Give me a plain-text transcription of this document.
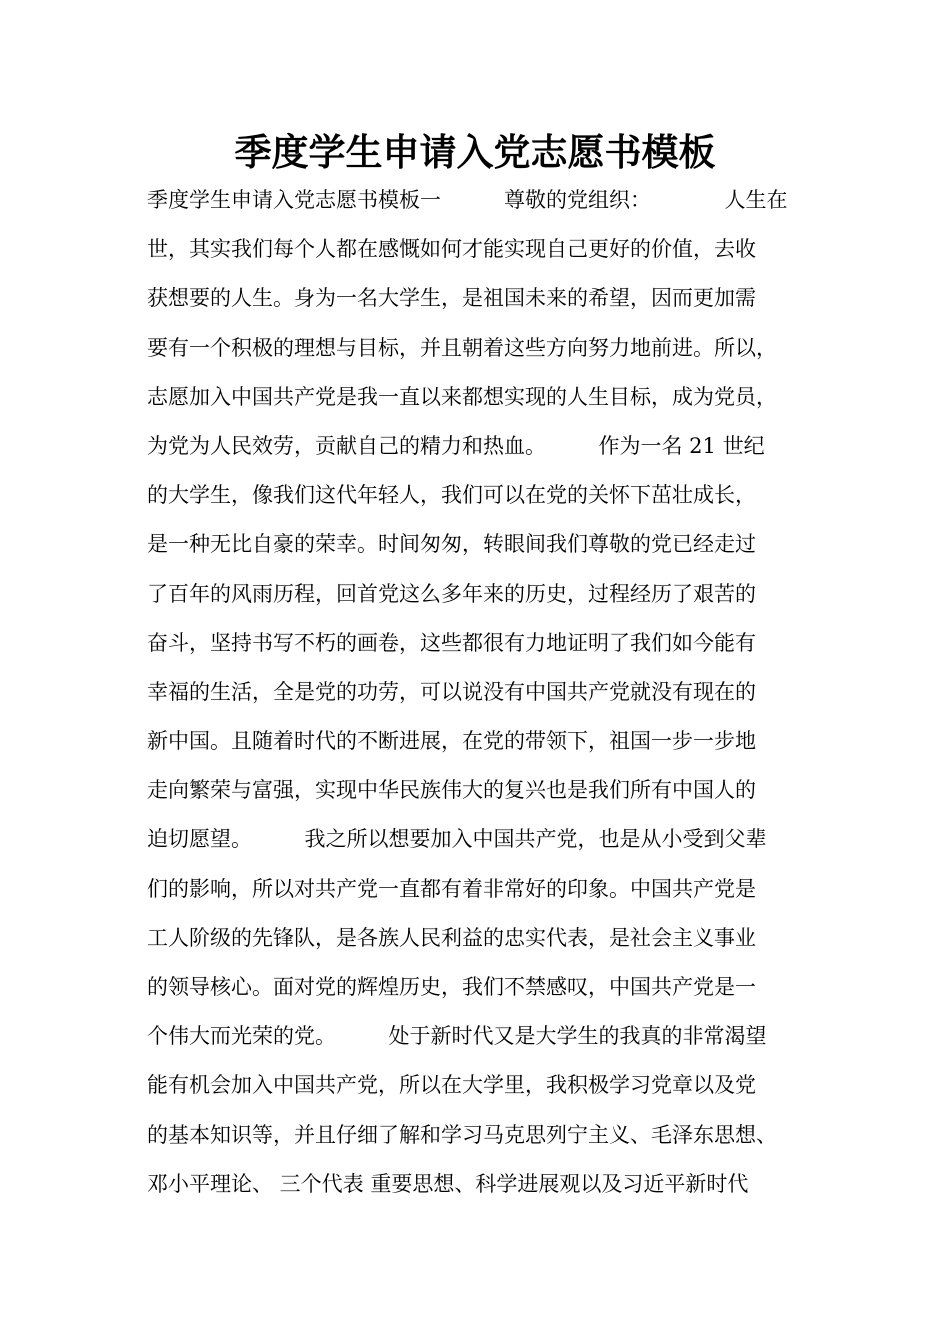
季度学生申请入党志愿书模板
季度学生申请入党志愿书模板一　　　尊敬的党组织：　　　　人生在
世，其实我们每个人都在感慨如何才能实现自己更好的价值，去收
获想要的人生。身为一名大学生，是祖国未来的希望，因而更加需
要有一个积极的理想与目标，并且朝着这些方向努力地前进。所以，
志愿加入中国共产党是我一直以来都想实现的人生目标，成为党员，
为党为人民效劳，贡献自己的精力和热血。　　　作为一名 21 世纪
的大学生，像我们这代年轻人，我们可以在党的关怀下茁壮成长，
是一种无比自豪的荣幸。时间匆匆，转眼间我们尊敬的党已经走过
了百年的风雨历程，回首党这么多年来的历史，过程经历了艰苦的
奋斗，坚持书写不朽的画卷，这些都很有力地证明了我们如今能有
幸福的生活，全是党的功劳，可以说没有中国共产党就没有现在的
新中国。且随着时代的不断进展，在党的带领下，祖国一步一步地
走向繁荣与富强，实现中华民族伟大的复兴也是我们所有中国人的
迫切愿望。　　　我之所以想要加入中国共产党，也是从小受到父辈
们的影响，所以对共产党一直都有着非常好的印象。中国共产党是
工人阶级的先锋队，是各族人民利益的忠实代表，是社会主义事业
的领导核心。面对党的辉煌历史，我们不禁感叹，中国共产党是一
个伟大而光荣的党。　　　处于新时代又是大学生的我真的非常渴望
能有机会加入中国共产党，所以在大学里，我积极学习党章以及党
的基本知识等，并且仔细了解和学习马克思列宁主义、毛泽东思想、
邓小平理论、 三个代表 重要思想、科学进展观以及习近平新时代
